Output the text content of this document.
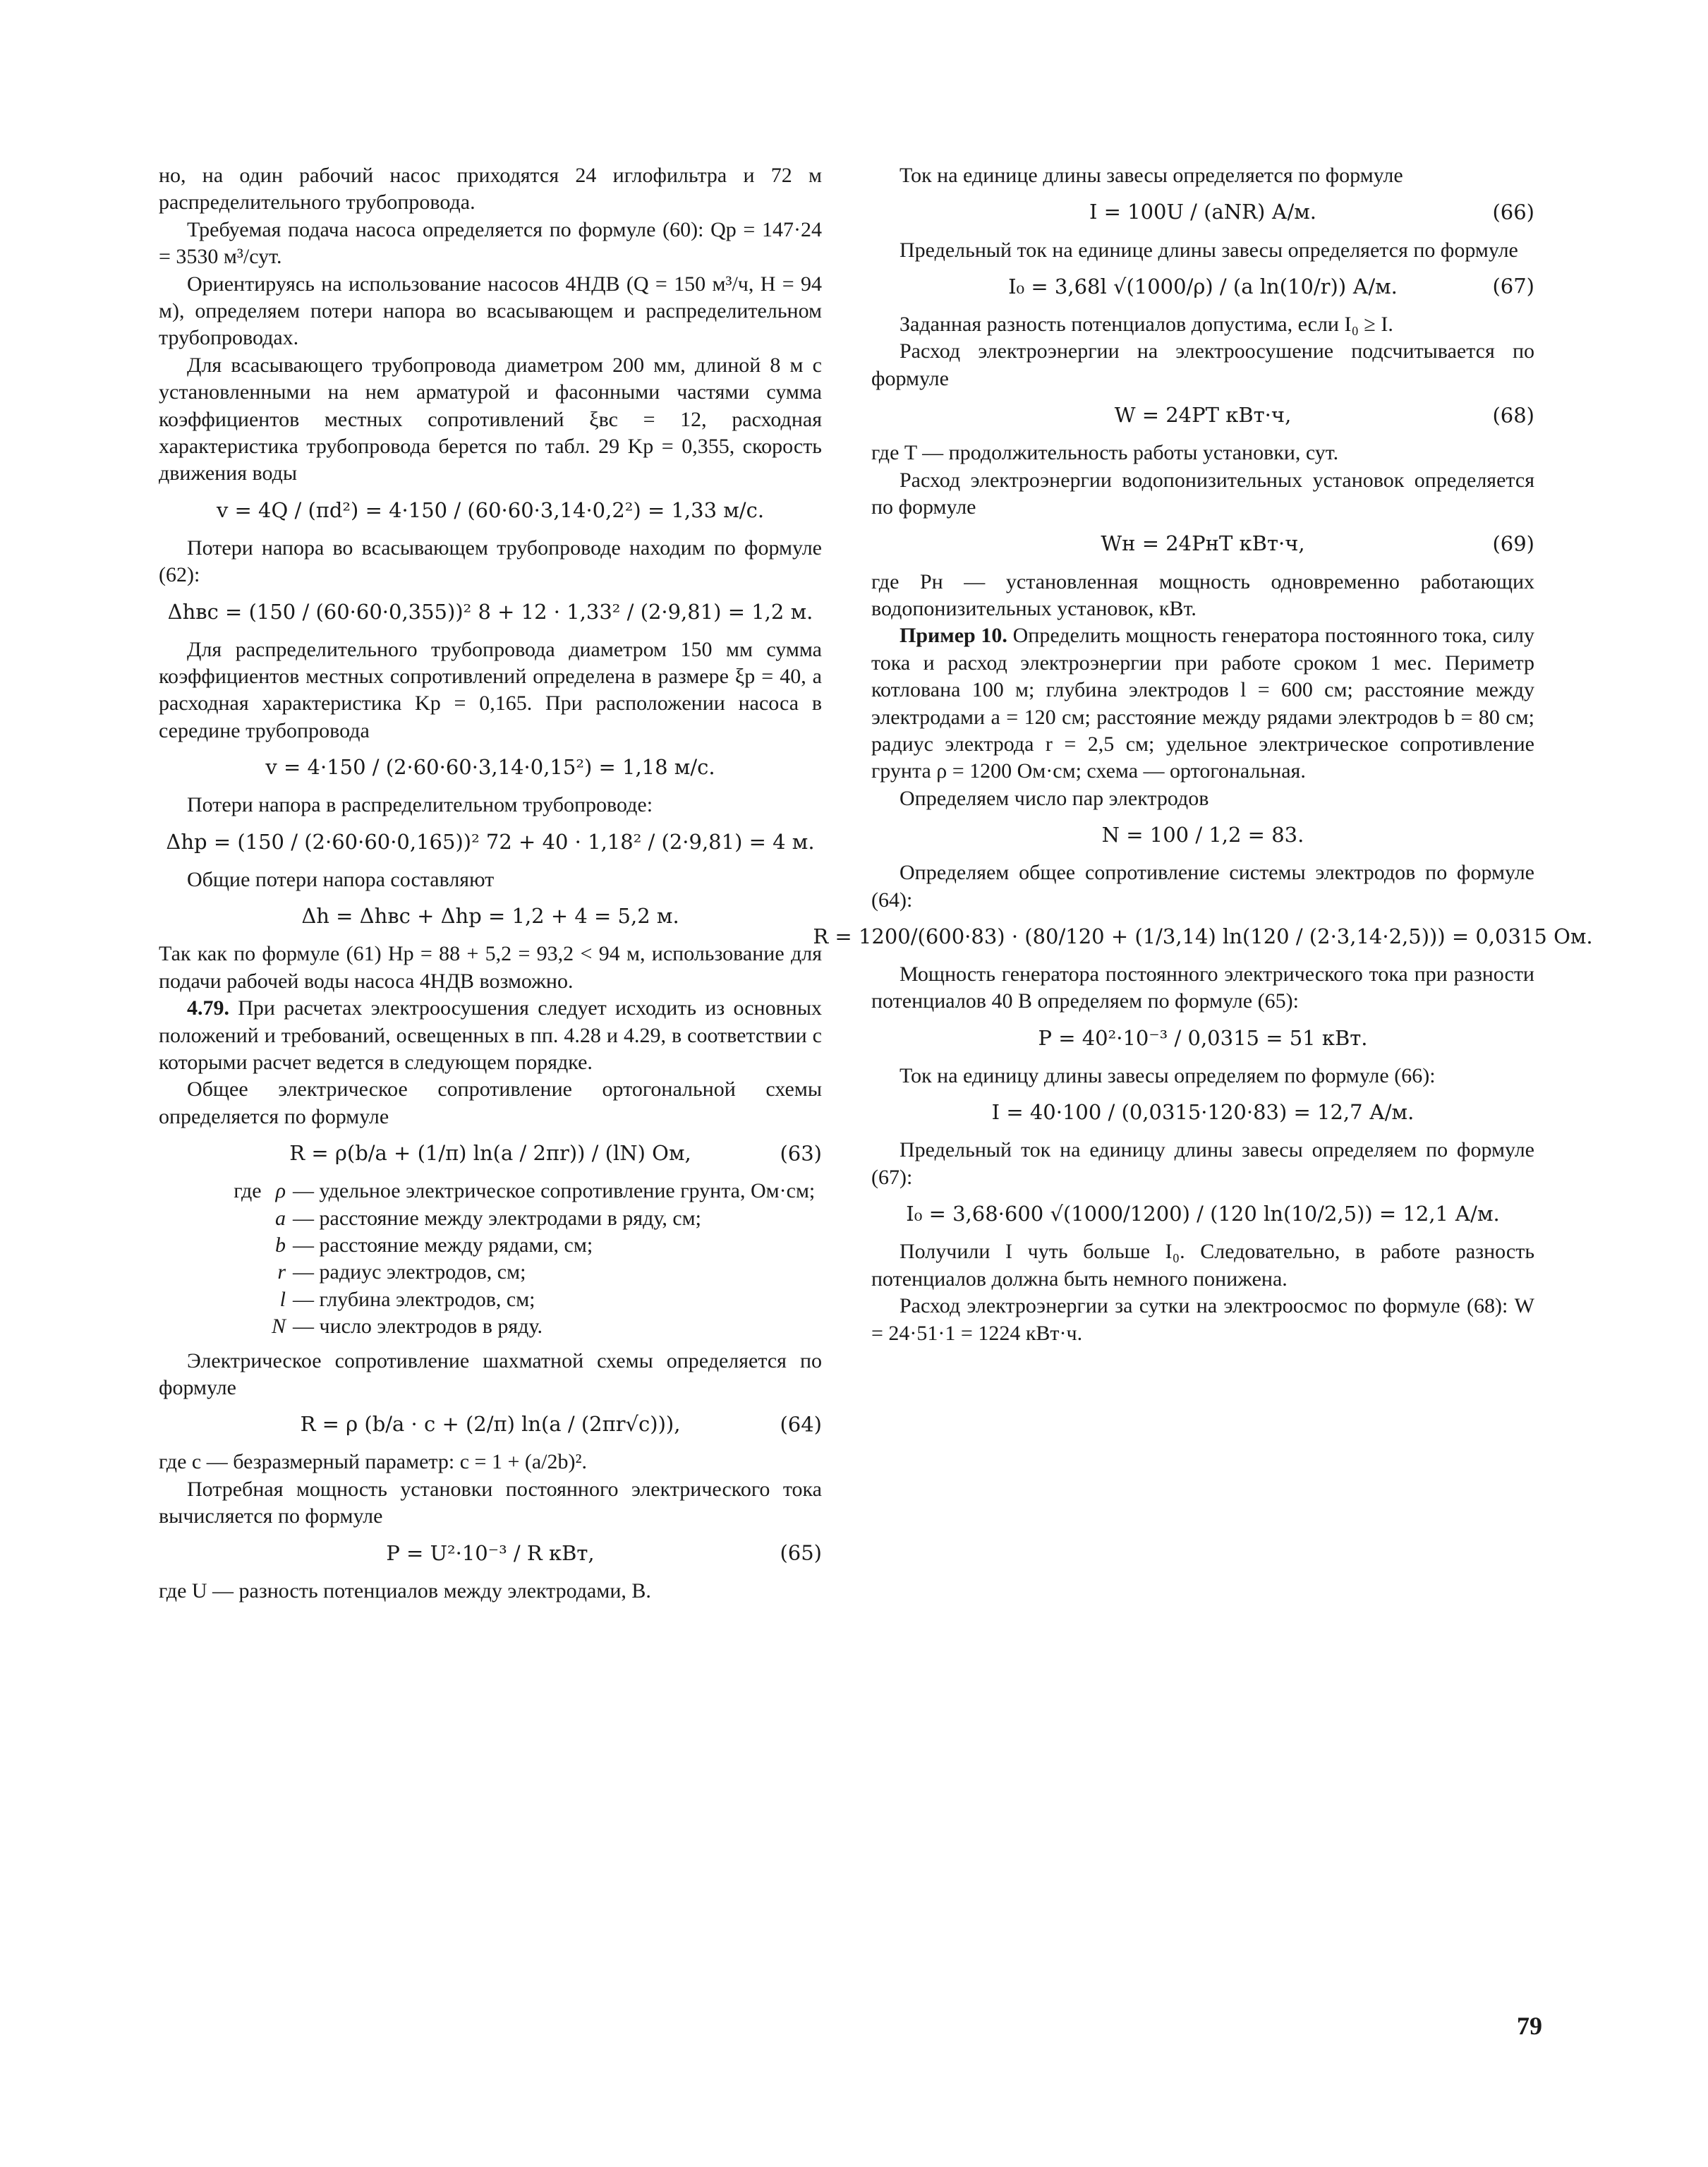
но, на один рабочий насос приходятся 24 иглофильтра и 72 м распределительного трубопровода.

Требуемая подача насоса определяется по формуле (60): Qр = 147·24 = 3530 м³/сут.

Ориентируясь на использование насосов 4НДВ (Q = 150 м³/ч, H = 94 м), определяем потери напора во всасывающем и распределительном трубопроводах.

Для всасывающего трубопровода диаметром 200 мм, длиной 8 м с установленными на нем арматурой и фасонными частями сумма коэффициентов местных сопротивлений ξвс = 12, расходная характеристика трубопровода берется по табл. 29 Kр = 0,355, скорость движения воды

v = 4Q / (πd²) = 4·150 / (60·60·3,14·0,2²) = 1,33 м/с.

Потери напора во всасывающем трубопроводе находим по формуле (62):

Δhвс = (150 / (60·60·0,355))² 8 + 12 · 1,33² / (2·9,81) = 1,2 м.

Для распределительного трубопровода диаметром 150 мм сумма коэффициентов местных сопротивлений определена в размере ξр = 40, а расходная характеристика Kр = 0,165. При расположении насоса в середине трубопровода

v = 4·150 / (2·60·60·3,14·0,15²) = 1,18 м/с.

Потери напора в распределительном трубопроводе:

Δhр = (150 / (2·60·60·0,165))² 72 + 40 · 1,18² / (2·9,81) = 4 м.

Общие потери напора составляют

Δh = Δhвс + Δhр = 1,2 + 4 = 5,2 м.

Так как по формуле (61) Hр = 88 + 5,2 = 93,2 < 94 м, использование для подачи рабочей воды насоса 4НДВ возможно.

4.79. При расчетах электроосушения следует исходить из основных положений и требований, освещенных в пп. 4.28 и 4.29, в соответствии с которыми расчет ведется в следующем порядке.

Общее электрическое сопротивление ортогональной схемы определяется по формуле

R = ρ(b/a + (1/π) ln(a / 2πr)) / (lN) Ом,	(63)
где ρ — удельное электрическое сопротивление грунта, Ом·см;
a — расстояние между электродами в ряду, см;
b — расстояние между рядами, см;
r — радиус электродов, см;
l — глубина электродов, см;
N — число электродов в ряду.

Электрическое сопротивление шахматной схемы определяется по формуле

R = ρ (b/a · c + (2/π) ln(a / (2πr√c))),	(64)

где c — безразмерный параметр: c = 1 + (a/2b)².

Потребная мощность установки постоянного электрического тока вычисляется по формуле

P = U²·10⁻³ / R кВт,	(65)

где U — разность потенциалов между электродами, В.

Ток на единице длины завесы определяется по формуле

I = 100U / (aNR) А/м.	(66)

Предельный ток на единице длины завесы определяется по формуле

I₀ = 3,68l √(1000/ρ) / (a ln(10/r)) А/м.	(67)

Заданная разность потенциалов допустима, если I₀ ≥ I.

Расход электроэнергии на электроосушение подсчитывается по формуле

W = 24PT кВт·ч,	(68)

где T — продолжительность работы установки, сут.

Расход электроэнергии водопонизительных установок определяется по формуле

Wн = 24PнT кВт·ч,	(69)

где Pн — установленная мощность одновременно работающих водопонизительных установок, кВт.

Пример 10. Определить мощность генератора постоянного тока, силу тока и расход электроэнергии при работе сроком 1 мес. Периметр котлована 100 м; глубина электродов l = 600 см; расстояние между электродами a = 120 см; расстояние между рядами электродов b = 80 см; радиус электрода r = 2,5 см; удельное электрическое сопротивление грунта ρ = 1200 Ом·см; схема — ортогональная.

Определяем число пар электродов

N = 100 / 1,2 = 83.

Определяем общее сопротивление системы электродов по формуле (64):

R = 1200/(600·83) · (80/120 + (1/3,14) ln(120 / (2·3,14·2,5))) = 0,0315 Ом.

Мощность генератора постоянного электрического тока при разности потенциалов 40 В определяем по формуле (65):

P = 40²·10⁻³ / 0,0315 = 51 кВт.

Ток на единицу длины завесы определяем по формуле (66):

I = 40·100 / (0,0315·120·83) = 12,7 А/м.

Предельный ток на единицу длины завесы определяем по формуле (67):

I₀ = 3,68·600 √(1000/1200) / (120 ln(10/2,5)) = 12,1 А/м.

Получили I чуть больше I₀. Следовательно, в работе разность потенциалов должна быть немного понижена.

Расход электроэнергии за сутки на электроосмос по формуле (68): W = 24·51·1 = 1224 кВт·ч.

79
